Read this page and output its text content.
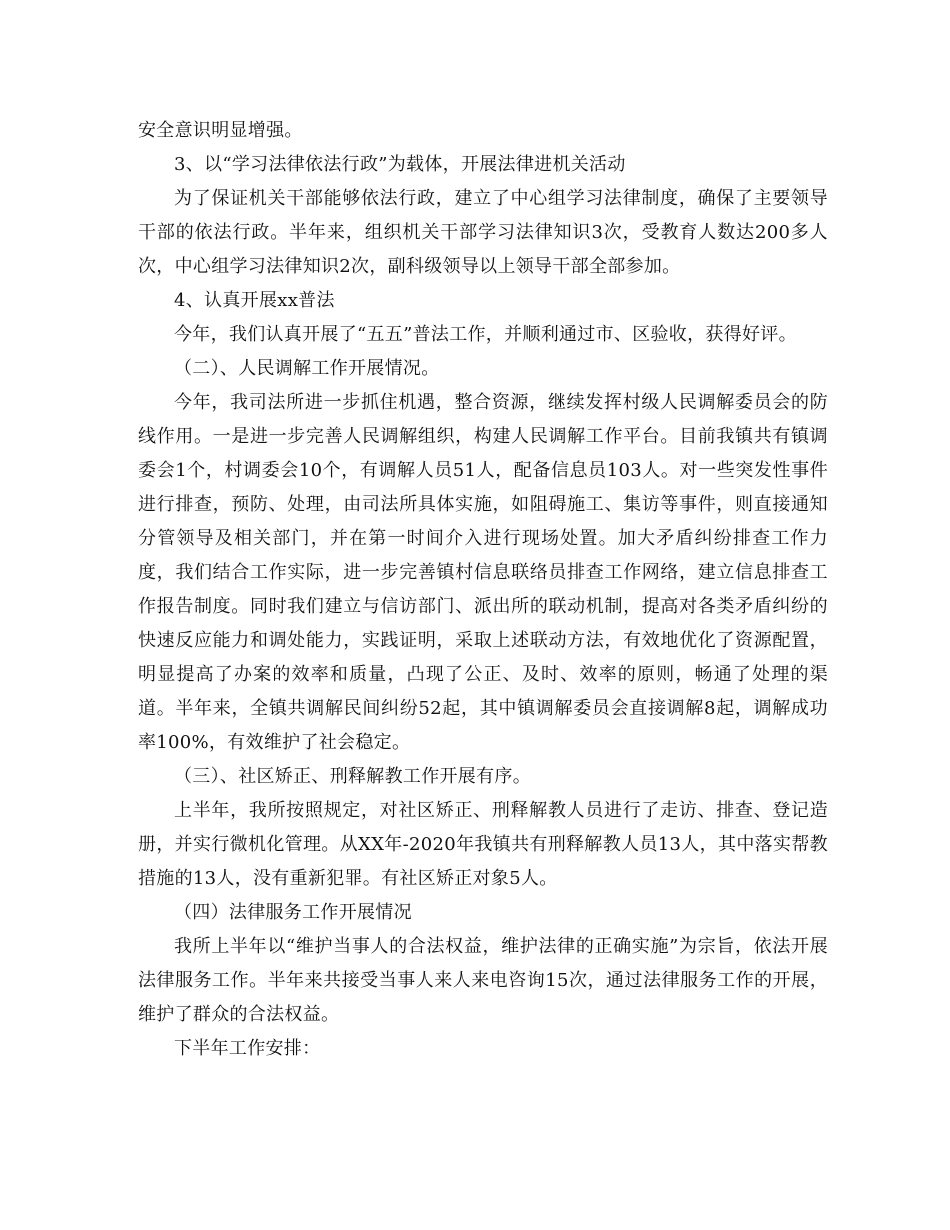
安全意识明显增强。

3、以“学习法律依法行政”为载体，开展法律进机关活动

为了保证机关干部能够依法行政，建立了中心组学习法律制度，确保了主要领导干部的依法行政。半年来，组织机关干部学习法律知识3次，受教育人数达200多人次，中心组学习法律知识2次，副科级领导以上领导干部全部参加。

4、认真开展xx普法

今年，我们认真开展了“五五”普法工作，并顺利通过市、区验收，获得好评。

（二）、人民调解工作开展情况。

今年，我司法所进一步抓住机遇，整合资源，继续发挥村级人民调解委员会的防线作用。一是进一步完善人民调解组织，构建人民调解工作平台。目前我镇共有镇调委会1个，村调委会10个，有调解人员51人，配备信息员103人。对一些突发性事件进行排查，预防、处理，由司法所具体实施，如阻碍施工、集访等事件，则直接通知分管领导及相关部门，并在第一时间介入进行现场处置。加大矛盾纠纷排查工作力度，我们结合工作实际，进一步完善镇村信息联络员排查工作网络，建立信息排查工作报告制度。同时我们建立与信访部门、派出所的联动机制，提高对各类矛盾纠纷的快速反应能力和调处能力，实践证明，采取上述联动方法，有效地优化了资源配置，明显提高了办案的效率和质量，凸现了公正、及时、效率的原则，畅通了处理的渠道。半年来，全镇共调解民间纠纷52起，其中镇调解委员会直接调解8起，调解成功率100%，有效维护了社会稳定。

（三）、社区矫正、刑释解教工作开展有序。

上半年，我所按照规定，对社区矫正、刑释解教人员进行了走访、排查、登记造册，并实行微机化管理。从XX年-2020年我镇共有刑释解教人员13人，其中落实帮教措施的13人，没有重新犯罪。有社区矫正对象5人。

（四）法律服务工作开展情况

我所上半年以“维护当事人的合法权益，维护法律的正确实施”为宗旨，依法开展法律服务工作。半年来共接受当事人来人来电咨询15次，通过法律服务工作的开展，维护了群众的合法权益。

下半年工作安排：
